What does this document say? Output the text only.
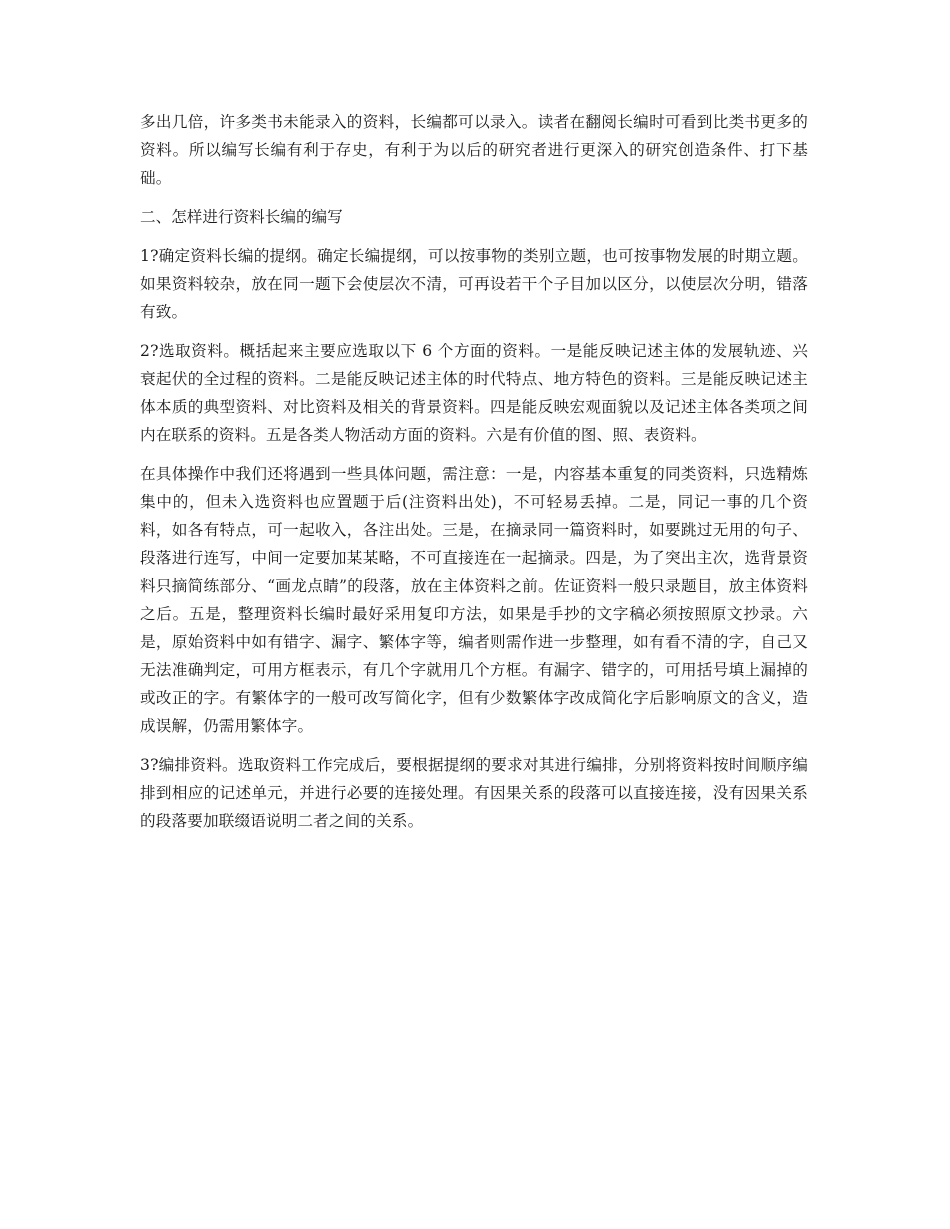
多出几倍，许多类书未能录入的资料，长编都可以录入。读者在翻阅长编时可看到比类书更多的资料。所以编写长编有利于存史，有利于为以后的研究者进行更深入的研究创造条件、打下基础。

二、怎样进行资料长编的编写

1?确定资料长编的提纲。确定长编提纲，可以按事物的类别立题，也可按事物发展的时期立题。如果资料较杂，放在同一题下会使层次不清，可再设若干个子目加以区分，以使层次分明，错落有致。

2?选取资料。概括起来主要应选取以下 6 个方面的资料。一是能反映记述主体的发展轨迹、兴衰起伏的全过程的资料。二是能反映记述主体的时代特点、地方特色的资料。三是能反映记述主体本质的典型资料、对比资料及相关的背景资料。四是能反映宏观面貌以及记述主体各类项之间内在联系的资料。五是各类人物活动方面的资料。六是有价值的图、照、表资料。

在具体操作中我们还将遇到一些具体问题，需注意：一是，内容基本重复的同类资料，只选精炼集中的，但未入选资料也应置题于后(注资料出处)，不可轻易丢掉。二是，同记一事的几个资料，如各有特点，可一起收入，各注出处。三是，在摘录同一篇资料时，如要跳过无用的句子、段落进行连写，中间一定要加某某略，不可直接连在一起摘录。四是，为了突出主次，选背景资料只摘简练部分、“画龙点睛”的段落，放在主体资料之前。佐证资料一般只录题目，放主体资料之后。五是，整理资料长编时最好采用复印方法，如果是手抄的文字稿必须按照原文抄录。六是，原始资料中如有错字、漏字、繁体字等，编者则需作进一步整理，如有看不清的字，自己又无法准确判定，可用方框表示，有几个字就用几个方框。有漏字、错字的，可用括号填上漏掉的或改正的字。有繁体字的一般可改写简化字，但有少数繁体字改成简化字后影响原文的含义，造成误解，仍需用繁体字。

3?编排资料。选取资料工作完成后，要根据提纲的要求对其进行编排，分别将资料按时间顺序编排到相应的记述单元，并进行必要的连接处理。有因果关系的段落可以直接连接，没有因果关系的段落要加联缀语说明二者之间的关系。
